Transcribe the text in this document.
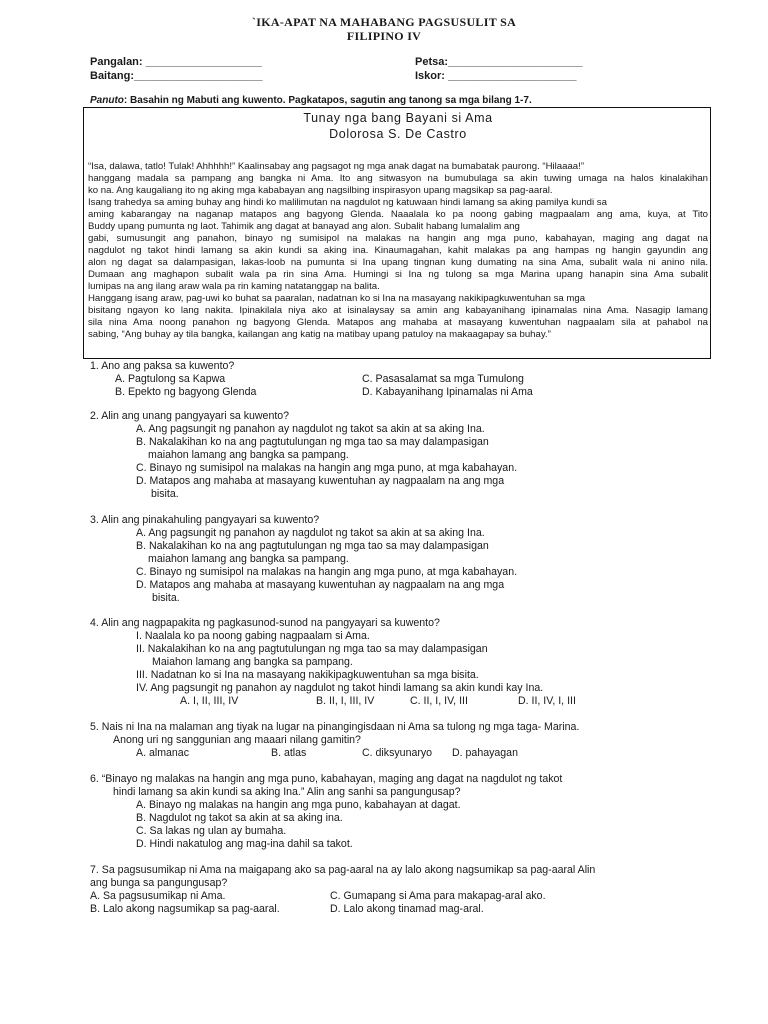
`IKA-APAT NA MAHABANG PAGSUSULIT SA
FILIPINO IV
Pangalan: ___________________	Petsa:______________________
Baitang:_____________________	Iskor: _____________________
Panuto: Basahin ng Mabuti ang kuwento. Pagkatapos, sagutin ang tanong sa mga bilang 1-7.
Tunay nga bang Bayani si Ama
Dolorosa S. De Castro
“Isa, dalawa, tatlo! Tulak! Ahhhhh!” Kaalinsabay ang pagsagot ng mga anak dagat na bumabatak paurong. “Hilaaaa!”
hanggang madala sa pampang ang bangka ni Ama. Ito ang sitwasyon na bumubulaga sa akin tuwing umaga na halos kinalakihan
ko na. Ang kaugaliang ito ng aking mga kababayan ang nagsilbing inspirasyon upang magsikap sa pag-aaral.
Isang trahedya sa aming buhay ang hindi ko malilimutan na nagdulot ng katuwaan hindi lamang sa aking pamilya kundi sa
aming kabarangay na naganap matapos ang bagyong Glenda. Naaalala ko pa noong gabing magpaalam ang ama, kuya, at Tito
Buddy upang pumunta ng laot. Tahimik ang dagat at banayad ang alon. Subalit habang lumalalim ang
gabi, sumusungit ang panahon, binayo ng sumisipol na malakas na hangin ang mga puno, kabahayan, maging ang dagat na
nagdulot ng takot hindi lamang sa akin kundi sa aking ina. Kinaumagahan, kahit malakas pa ang hampas ng hangin gayundin ang
alon ng dagat sa dalampasigan, lakas-loob na pumunta si Ina upang tingnan kung dumating na sina Ama, subalit wala ni anino nila.
Dumaan ang maghapon subalit wala pa rin sina Ama. Humingi si Ina ng tulong sa mga Marina upang hanapin sina Ama subalit
lumipas na ang ilang araw wala pa rin kaming natatanggap na balita.
Hanggang isang araw, pag-uwi ko buhat sa paaralan, nadatnan ko si Ina na masayang nakikipagkuwentuhan sa mga
bisitang ngayon ko lang nakita. Ipinakilala niya ako at isinalaysay sa amin ang kabayanihang ipinamalas nina Ama. Nasagip lamang
sila nina Ama noong panahon ng bagyong Glenda. Matapos ang mahaba at masayang kuwentuhan nagpaalam sila at pahabol na
sabing, “Ang buhay ay tila bangka, kailangan ang katig na matibay upang patuloy na makaagapay sa buhay.”
1. Ano ang paksa sa kuwento?
A. Pagtulong sa Kapwa	C. Pasasalamat sa mga Tumulong
B. Epekto ng bagyong Glenda	D. Kabayanihang Ipinamalas ni Ama
2. Alin ang unang pangyayari sa kuwento?
A. Ang pagsungit ng panahon ay nagdulot ng takot sa akin at sa aking Ina.
B. Nakalakihan ko na ang pagtutulungan ng mga tao sa may dalampasigan
maiahon lamang ang bangka sa pampang.
C. Binayo ng sumisipol na malakas na hangin ang mga puno, at mga kabahayan.
D. Matapos ang mahaba at masayang kuwentuhan ay nagpaalam na ang mga
bisita.
3. Alin ang pinakahuling pangyayari sa kuwento?
A. Ang pagsungit ng panahon ay nagdulot ng takot sa akin at sa aking Ina.
B. Nakalakihan ko na ang pagtutulungan ng mga tao sa may dalampasigan
maiahon lamang ang bangka sa pampang.
C. Binayo ng sumisipol na malakas na hangin ang mga puno, at mga kabahayan.
D. Matapos ang mahaba at masayang kuwentuhan ay nagpaalam na ang mga
bisita.
4. Alin ang nagpapakita ng pagkasunod-sunod na pangyayari sa kuwento?
I. Naalala ko pa noong gabing nagpaalam si Ama.
II. Nakalakihan ko na ang pagtutulungan ng mga tao sa may dalampasigan
Maiahon lamang ang bangka sa pampang.
III. Nadatnan ko si Ina na masayang nakikipagkuwentuhan sa mga bisita.
IV. Ang pagsungit ng panahon ay nagdulot ng takot hindi lamang sa akin kundi kay Ina.
A. I, II, III, IV	B. II, I, III, IV	C. II, I, IV, III	D. II, IV, I, III
5. Nais ni Ina na malaman ang tiyak na lugar na pinangingisdaan ni Ama sa tulong ng mga taga- Marina.
Anong uri ng sanggunian ang maaari nilang gamitin?
A. almanac	B. atlas	C. diksyunaryo D. pahayagan
6. “Binayo ng malakas na hangin ang mga puno, kabahayan, maging ang dagat na nagdulot ng takot
hindi lamang sa akin kundi sa aking Ina.” Alin ang sanhi sa pangungusap?
A. Binayo ng malakas na hangin ang mga puno, kabahayan at dagat.
B. Nagdulot ng takot sa akin at sa aking ina.
C. Sa lakas ng ulan ay bumaha.
D. Hindi nakatulog ang mag-ina dahil sa takot.
7. Sa pagsusumikap ni Ama na maigapang ako sa pag-aaral na ay lalo akong nagsumikap sa pag-aaral Alin
ang bunga sa pangungusap?
A. Sa pagsusumikap ni Ama.	C. Gumapang si Ama para makapag-aral ako.
B. Lalo akong nagsumikap sa pag-aaral.	D. Lalo akong tinamad mag-aral.
